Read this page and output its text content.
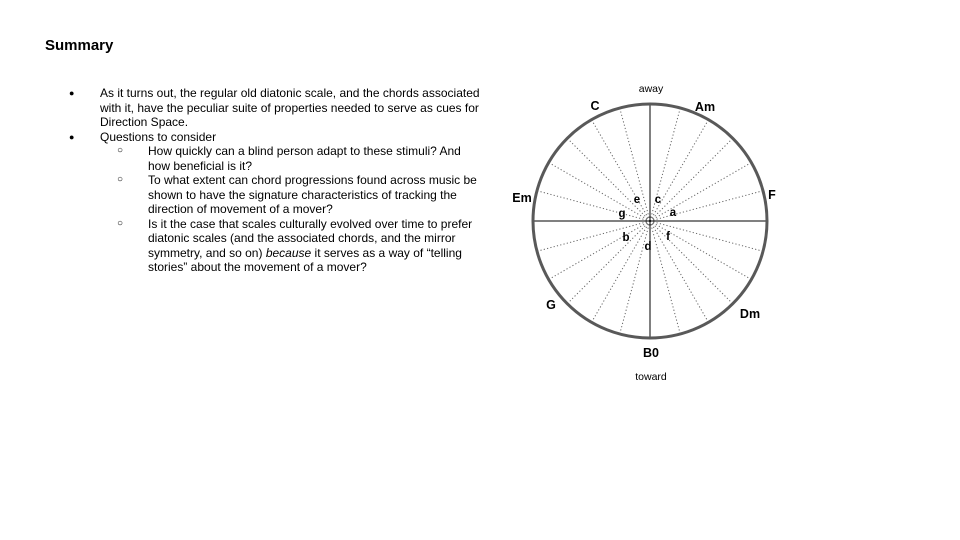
Summary
● As it turns out, the regular old diatonic scale, and the chords associated with it, have the peculiar suite of properties needed to serve as cues for Direction Space.
● Questions to consider
○ How quickly can a blind person adapt to these stimuli? And how beneficial is it?
○ To what extent can chord progressions found across music be shown to have the signature characteristics of tracking the direction of movement of a mover?
○ Is it the case that scales culturally evolved over time to prefer diatonic scales (and the associated chords, and the mirror symmetry, and so on) because it serves as a way of “telling stories” about the movement of a mover?
away
toward
C	Am
Em	F
G
Dm
B0
e c
g	a
b	f
d
